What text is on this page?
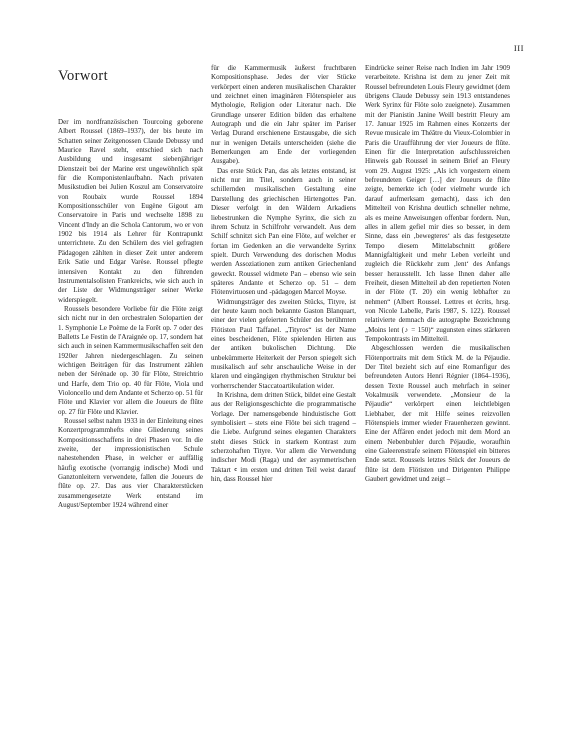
III
Vorwort

Der im nordfranzösischen Tourcoing geborene Albert Roussel (1869–1937), der bis heute im Schatten seiner Zeitgenossen Claude Debussy und Maurice Ravel steht, entschied sich nach Ausbildung und insgesamt siebenjähriger Dienstzeit bei der Marine erst ungewöhnlich spät für die Komponistenlaufbahn. Nach privaten Musikstudien bei Julien Koszul am Conservatoire von Roubaix wurde Roussel 1894 Kompositionsschüler von Eugène Gigout am Conservatoire in Paris und wechselte 1898 zu Vincent d'Indy an die Schola Cantorum, wo er von 1902 bis 1914 als Lehrer für Kontrapunkt unterrichtete. Zu den Schülern des viel gefragten Pädagogen zählten in dieser Zeit unter anderem Erik Satie und Edgar Varèse. Roussel pflegte intensiven Kontakt zu den führenden Instrumentalsolisten Frankreichs, wie sich auch in der Liste der Widmungsträger seiner Werke widerspiegelt.

Roussels besondere Vorliebe für die Flöte zeigt sich nicht nur in den orchestralen Solopartien der 1. Symphonie Le Poème de la Forêt op. 7 oder des Balletts Le Festin de l'Araignée op. 17, sondern hat sich auch in seinen Kammermusikschaffen seit den 1920er Jahren niedergeschlagen. Zu seinen wichtigen Beiträgen für das Instrument zählen neben der Sérénade op. 30 für Flöte, Streichtrio und Harfe, dem Trio op. 40 für Flöte, Viola und Violoncello und dem Andante et Scherzo op. 51 für Flöte und Klavier vor allem die Joueurs de flûte op. 27 für Flöte und Klavier.

Roussel selbst nahm 1933 in der Einleitung eines Konzertprogrammhefts eine Gliederung seines Kompositionsschaffens in drei Phasen vor. In die zweite, der impressionistischen Schule nahestehenden Phase, in welcher er auffällig häufig exotische (vorrangig indische) Modi und Ganztonleitern verwendete, fallen die Joueurs de flûte op. 27. Das aus vier Charakterstücken zusammengesetzte Werk entstand im August/September 1924 während einer

für die Kammermusik äußerst fruchtbaren Kompositionsphase. Jedes der vier Stücke verkörpert einen anderen musikalischen Charakter und zeichnet einen imaginären Flötenspieler aus Mythologie, Religion oder Literatur nach. Die Grundlage unserer Edition bilden das erhaltene Autograph und die ein Jahr später im Pariser Verlag Durand erschienene Erstausgabe, die sich nur in wenigen Details unterscheiden (siehe die Bemerkungen am Ende der vorliegenden Ausgabe).

Das erste Stück Pan, das als letztes entstand, ist nicht nur im Titel, sondern auch in seiner schillernden musikalischen Gestaltung eine Darstellung des griechischen Hirtengottes Pan. Dieser verfolgt in den Wäldern Arkadiens liebestrunken die Nymphe Syrinx, die sich zu ihrem Schutz in Schilfrohr verwandelt. Aus dem Schilf schnitzt sich Pan eine Flöte, auf welcher er fortan im Gedenken an die verwandelte Syrinx spielt. Durch Verwendung des dorischen Modus werden Assoziationen zum antiken Griechenland geweckt. Roussel widmete Pan – ebenso wie sein späteres Andante et Scherzo op. 51 – dem Flötenvirtuosen und -pädagogen Marcel Moyse.

Widmungsträger des zweiten Stücks, Tityre, ist der heute kaum noch bekannte Gaston Blanquart, einer der vielen gefeierten Schüler des berühmten Flötisten Paul Taffanel. „Tityros“ ist der Name eines bescheidenen, Flöte spielenden Hirten aus der antiken bukolischen Dichtung. Die unbekümmerte Heiterkeit der Person spiegelt sich musikalisch auf sehr anschauliche Weise in der klaren und eingängigen rhythmischen Struktur bei vorherrschender Staccatoartikulation wider.

In Krishna, dem dritten Stück, bildet eine Gestalt aus der Religionsgeschichte die programmatische Vorlage. Der namensgebende hinduistische Gott symbolisiert – stets eine Flöte bei sich tragend – die Liebe. Aufgrund seines eleganten Charakters steht dieses Stück in starkem Kontrast zum scherzohaften Tityre. Vor allem die Verwendung indischer Modi (Raga) und der asymmetrischen Taktart 𝄴 im ersten und dritten Teil weist darauf hin, dass Roussel hier

Eindrücke seiner Reise nach Indien im Jahr 1909 verarbeitete. Krishna ist dem zu jener Zeit mit Roussel befreundeten Louis Fleury gewidmet (dem übrigens Claude Debussy sein 1913 entstandenes Werk Syrinx für Flöte solo zueignete). Zusammen mit der Pianistin Janine Weill bestritt Fleury am 17. Januar 1925 im Rahmen eines Konzerts der Revue musicale im Théâtre du Vieux-Colombier in Paris die Uraufführung der vier Joueurs de flûte. Einen für die Interpretation aufschlussreichen Hinweis gab Roussel in seinem Brief an Fleury vom 29. August 1925: „Als ich vorgestern einem befreundeten Geiger […] der Joueurs de flûte zeigte, bemerkte ich (oder vielmehr wurde ich darauf aufmerksam gemacht), dass ich den Mittelteil von Krishna deutlich schneller nehme, als es meine Anweisungen offenbar fordern. Nun, alles in allem gefiel mir dies so besser, in dem Sinne, dass ein ‚bewegteres‘ als das festgesetzte Tempo diesem Mittelabschnitt größere Mannigfaltigkeit und mehr Leben verleiht und zugleich die Rückkehr zum ‚lent‘ des Anfangs besser herausstellt. Ich lasse Ihnen daher alle Freiheit, diesen Mittelteil ab den repetierten Noten in der Flöte (T. 20) ein wenig lebhafter zu nehmen“ (Albert Roussel. Lettres et écrits, hrsg. von Nicole Labelle, Paris 1987, S. 122). Roussel relativierte demnach die autographe Bezeichnung „Moins lent (♪ = 150)“ zugunsten eines stärkeren Tempokontrasts im Mittelteil.

Abgeschlossen werden die musikalischen Flötenportraits mit dem Stück M. de la Péjaudie. Der Titel bezieht sich auf eine Romanfigur des befreundeten Autors Henri Régnier (1864–1936), dessen Texte Roussel auch mehrfach in seiner Vokalmusik verwendete. „Monsieur de la Péjaudie“ verkörpert einen leichtlebigen Liebhaber, der mit Hilfe seines reizvollen Flötenspiels immer wieder Frauenherzen gewinnt. Eine der Affären endet jedoch mit dem Mord an einem Nebenbuhler durch Péjaudie, woraufhin eine Galeerenstrafe seinem Flötenspiel ein bitteres Ende setzt. Roussels letztes Stück der Joueurs de flûte ist dem Flötisten und Dirigenten Philippe Gaubert gewidmet und zeigt –
